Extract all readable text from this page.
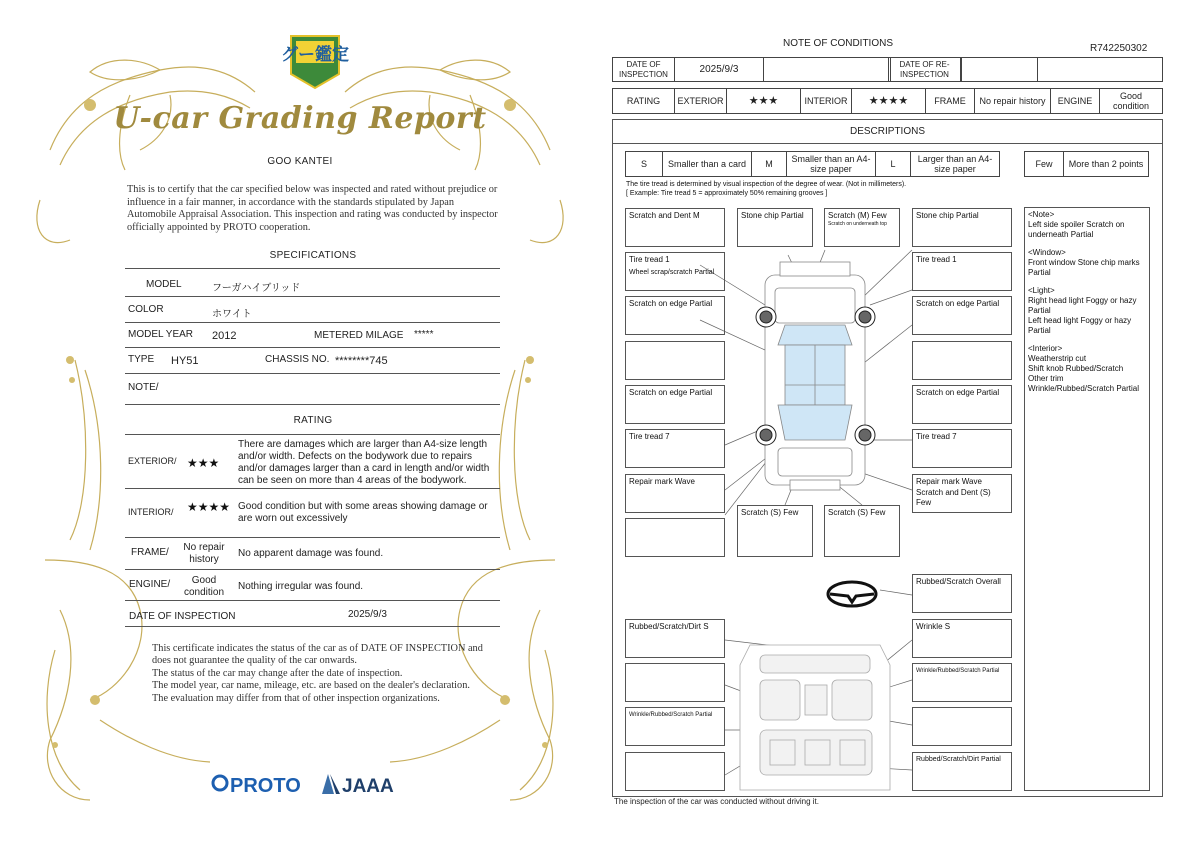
グー鑑定
U-car Grading Report
GOO KANTEI
This is to certify that the car specified below was inspected and rated without prejudice or influence in a fair manner, in accordance with the standards stipulated by Japan Automobile Appraisal Association. This inspection and rating was conducted by inspector officially appointed by PROTO cooperation.
SPECIFICATIONS
MODEL	フーガハイブリッド
COLOR	ホワイト
MODEL YEAR 2012	METERED MILAGE *****
TYPE HY51	CHASSIS NO. ********745
NOTE/
RATING
EXTERIOR/ ★★★
There are damages which are larger than A4-size length and/or width. Defects on the bodywork due to repairs and/or damages larger than a card in length and/or width can be seen on more than 4 areas of the bodywork.
INTERIOR/ ★★★★ Good condition but with some areas showing damage or are worn out excessively
FRAME/	No repair history
No apparent damage was found.
ENGINE/	Good condition
Nothing irregular was found.
DATE OF INSPECTION	2025/9/3
This certificate indicates the status of the car as of DATE OF INSPECTION and does not guarantee the quality of the car onwards.
The status of the car may change after the date of inspection.
The model year, car name, mileage, etc. are based on the dealer's declaration.
The evaluation may differ from that of other inspection organizations.
PROTO JAAA
NOTE OF CONDITIONS	R742250302
DATE OF INSPECTION	2025/9/3	DATE OF RE-INSPECTION
RATING	EXTERIOR	★★★	INTERIOR	★★★★	FRAME	No repair history	ENGINE	Good condition
DESCRIPTIONS
S	Smaller than a card	M	Smaller than an A4-size paper	L	Larger than an A4-size paper	Few	More than 2 points
The tire tread is determined by visual inspection of the degree of wear. (Not in millimeters).
[ Example: Tire tread 5 = approximately 50% remaining grooves ]
Scratch and Dent M
Tire tread 1
Wheel scrap/scratch Partial
Scratch on edge Partial
Scratch on edge Partial
Tire tread 7
Repair mark Wave
Stone chip Partial	Scratch (M) Few
Scratch on underneath top
Stone chip Partial
Tire tread 1
Scratch on edge Partial
Scratch on edge Partial
Tire tread 7
Repair mark Wave
Scratch and Dent (S) Few
Scratch (S) Few	Scratch (S) Few
Rubbed/Scratch Overall
Rubbed/Scratch/Dirt S	Wrinkle S
Wrinkle/Rubbed/Scratch Partial
Wrinkle/Rubbed/Scratch Partial
Rubbed/Scratch/Dirt Partial

<Note>
Left side spoiler Scratch on underneath Partial

<Window>
Front window Stone chip marks Partial

<Light>
Right head light Foggy or hazy Partial
Left head light Foggy or hazy Partial

<Interior>
Weatherstrip cut
Shift knob Rubbed/Scratch
Other trim
Wrinkle/Rubbed/Scratch Partial

The inspection of the car was conducted without driving it.
